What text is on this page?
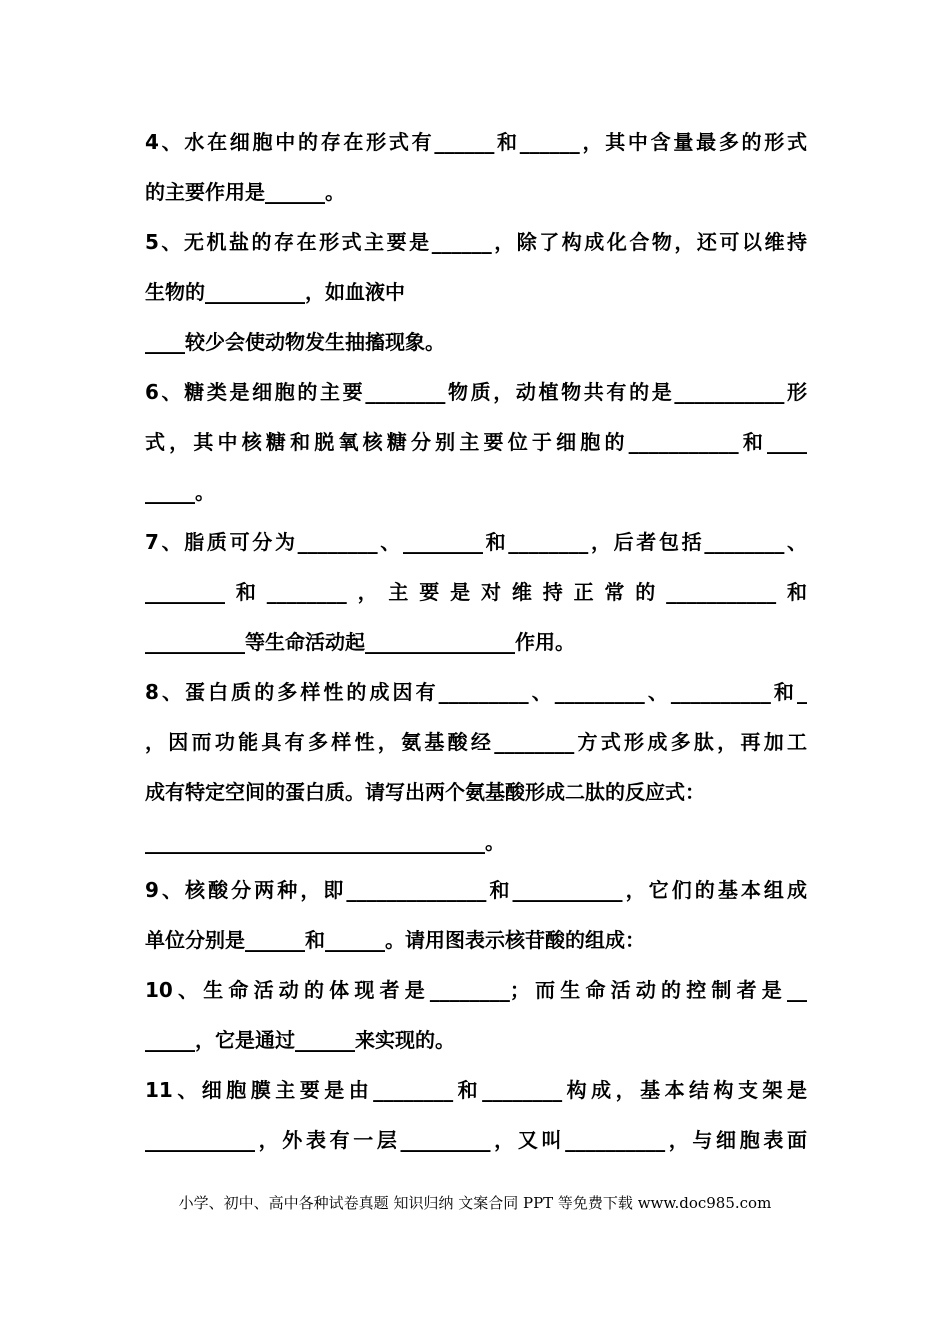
4、水在细胞中的存在形式有______和______，其中含量最多的形式
的主要作用是______。
5、无机盐的存在形式主要是______，除了构成化合物，还可以维持
生物的__________，如血液中
____较少会使动物发生抽搐现象。
6、糖类是细胞的主要________物质，动植物共有的是___________形
式，其中核糖和脱氧核糖分别主要位于细胞的___________和____
_____。
7、脂质可分为________、________和________，后者包括________、
________和________，主要是对维持正常的___________和
__________等生命活动起_______________作用。
8、蛋白质的多样性的成因有_________、_________、__________和_
，因而功能具有多样性，氨基酸经________方式形成多肽，再加工
成有特定空间的蛋白质。请写出两个氨基酸形成二肽的反应式：
__________________________________。
9、核酸分两种，即______________和___________，它们的基本组成
单位分别是______和______。请用图表示核苷酸的组成：
10、生命活动的体现者是________；而生命活动的控制者是__
_____，它是通过______来实现的。
11、细胞膜主要是由________和________构成，基本结构支架是
___________，外表有一层_________，又叫__________，与细胞表面
小学、初中、高中各种试卷真题 知识归纳 文案合同 PPT 等免费下载 www.doc985.com
